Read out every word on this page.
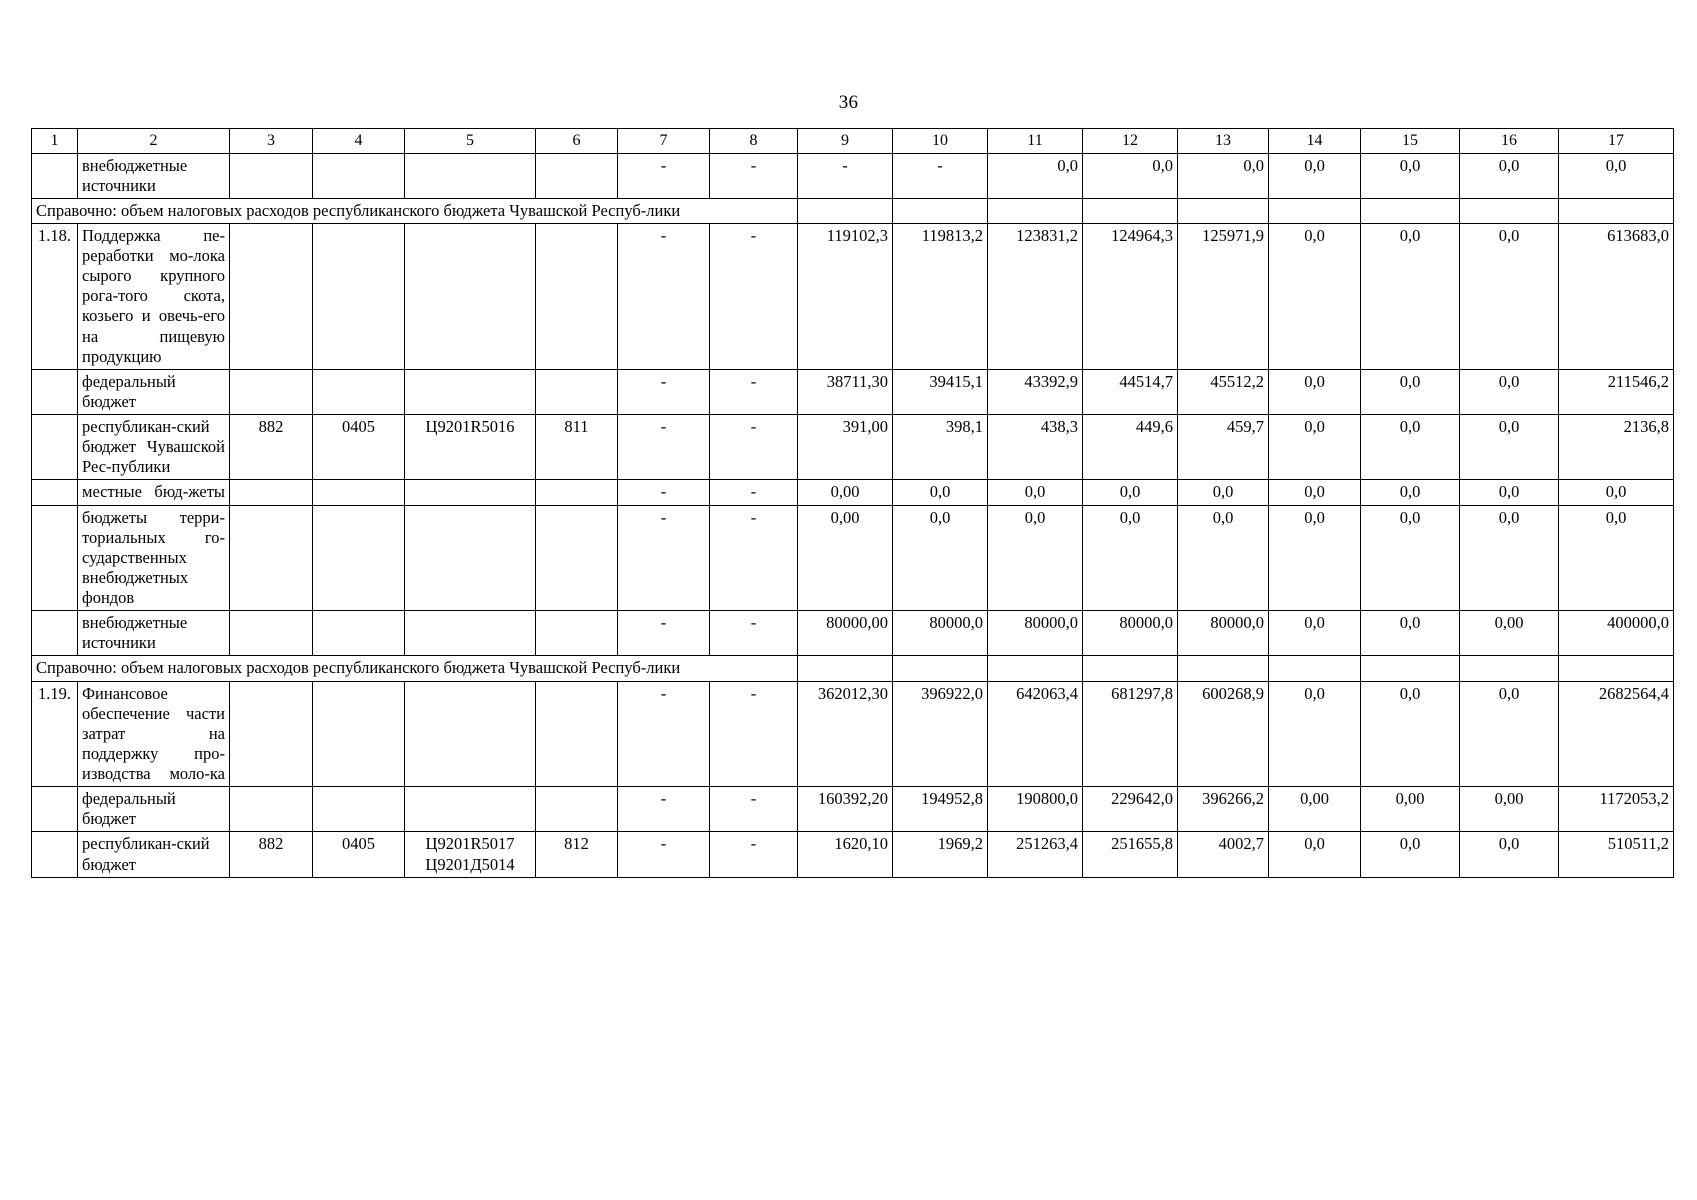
36
1	2	3	4	5	6	7	8	9	10	11	12	13	14	15	16	17
	внебюджетные источники					-	-	-	-	0,0	0,0	0,0	0,0	0,0	0,0	0,0
Справочно: объем налоговых расходов республиканского бюджета Чувашской Респуб-лики																
1.18.	Поддержка пе-реработки мо-лока сырого крупного рога-того скота, козьего и овечь-его на пищевую продукцию					-	-	119102,3	119813,2	123831,2	124964,3	125971,9	0,0	0,0	0,0	613683,0
	федеральный бюджет					-	-	38711,30	39415,1	43392,9	44514,7	45512,2	0,0	0,0	0,0	211546,2
	республикан-ский бюджет Чувашской Рес-публики	882	0405	Ц9201R5016	811	-	-	391,00	398,1	438,3	449,6	459,7	0,0	0,0	0,0	2136,8
	местные бюд-жеты					-	-	0,00	0,0	0,0	0,0	0,0	0,0	0,0	0,0	0,0
	бюджеты терри-ториальных го-сударственных внебюджетных фондов					-	-	0,00	0,0	0,0	0,0	0,0	0,0	0,0	0,0	0,0
	внебюджетные источники					-	-	80000,00	80000,0	80000,0	80000,0	80000,0	0,0	0,0	0,00	400000,0
Справочно: объем налоговых расходов республиканского бюджета Чувашской Респуб-лики																
1.19.	Финансовое обеспечение части затрат на поддержку про-изводства моло-ка					-	-	362012,30	396922,0	642063,4	681297,8	600268,9	0,0	0,0	0,0	2682564,4
	федеральный бюджет					-	-	160392,20	194952,8	190800,0	229642,0	396266,2	0,00	0,00	0,00	1172053,2
	республикан-ский бюджет	882	0405	Ц9201R5017 Ц9201Д5014	812	-	-	1620,10	1969,2	251263,4	251655,8	4002,7	0,0	0,0	0,0	510511,2
